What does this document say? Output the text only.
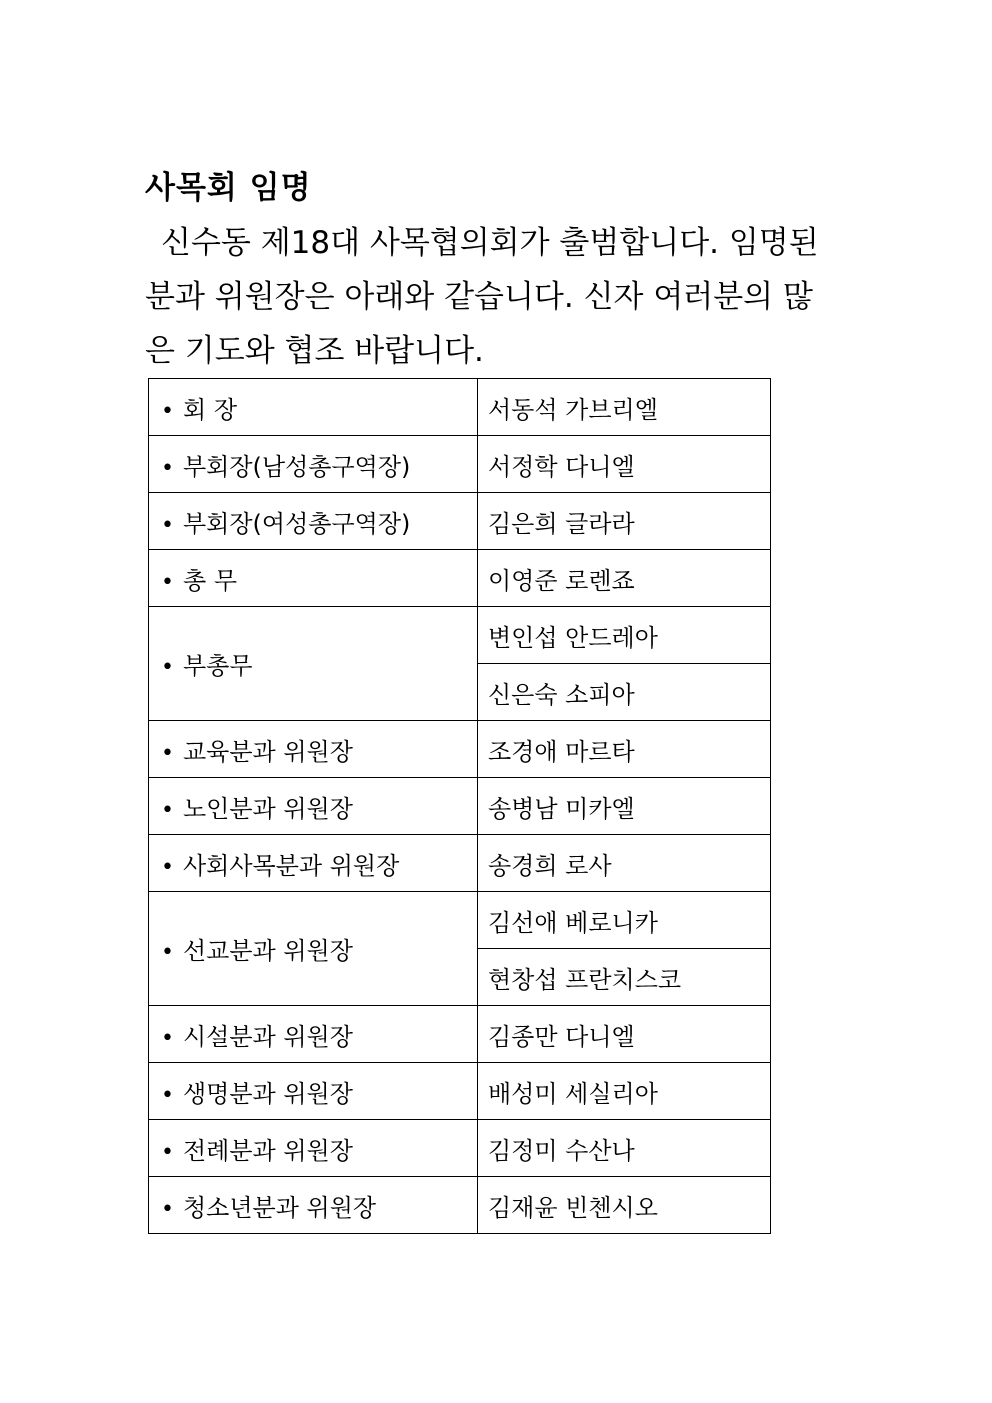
사목회 임명
신수동 제18대 사목협의회가 출범합니다. 임명된
분과 위원장은 아래와 같습니다. 신자 여러분의 많
은 기도와 협조 바랍니다.
• 회 장	서동석 가브리엘
• 부회장(남성총구역장)	서정학 다니엘
• 부회장(여성총구역장)	김은희 글라라
• 총 무	이영준 로렌죠
• 부총무	변인섭 안드레아
	신은숙 소피아
• 교육분과 위원장	조경애 마르타
• 노인분과 위원장	송병남 미카엘
• 사회사목분과 위원장	송경희 로사
• 선교분과 위원장	김선애 베로니카
	현창섭 프란치스코
• 시설분과 위원장	김종만 다니엘
• 생명분과 위원장	배성미 세실리아
• 전례분과 위원장	김정미 수산나
• 청소년분과 위원장	김재윤 빈첸시오
